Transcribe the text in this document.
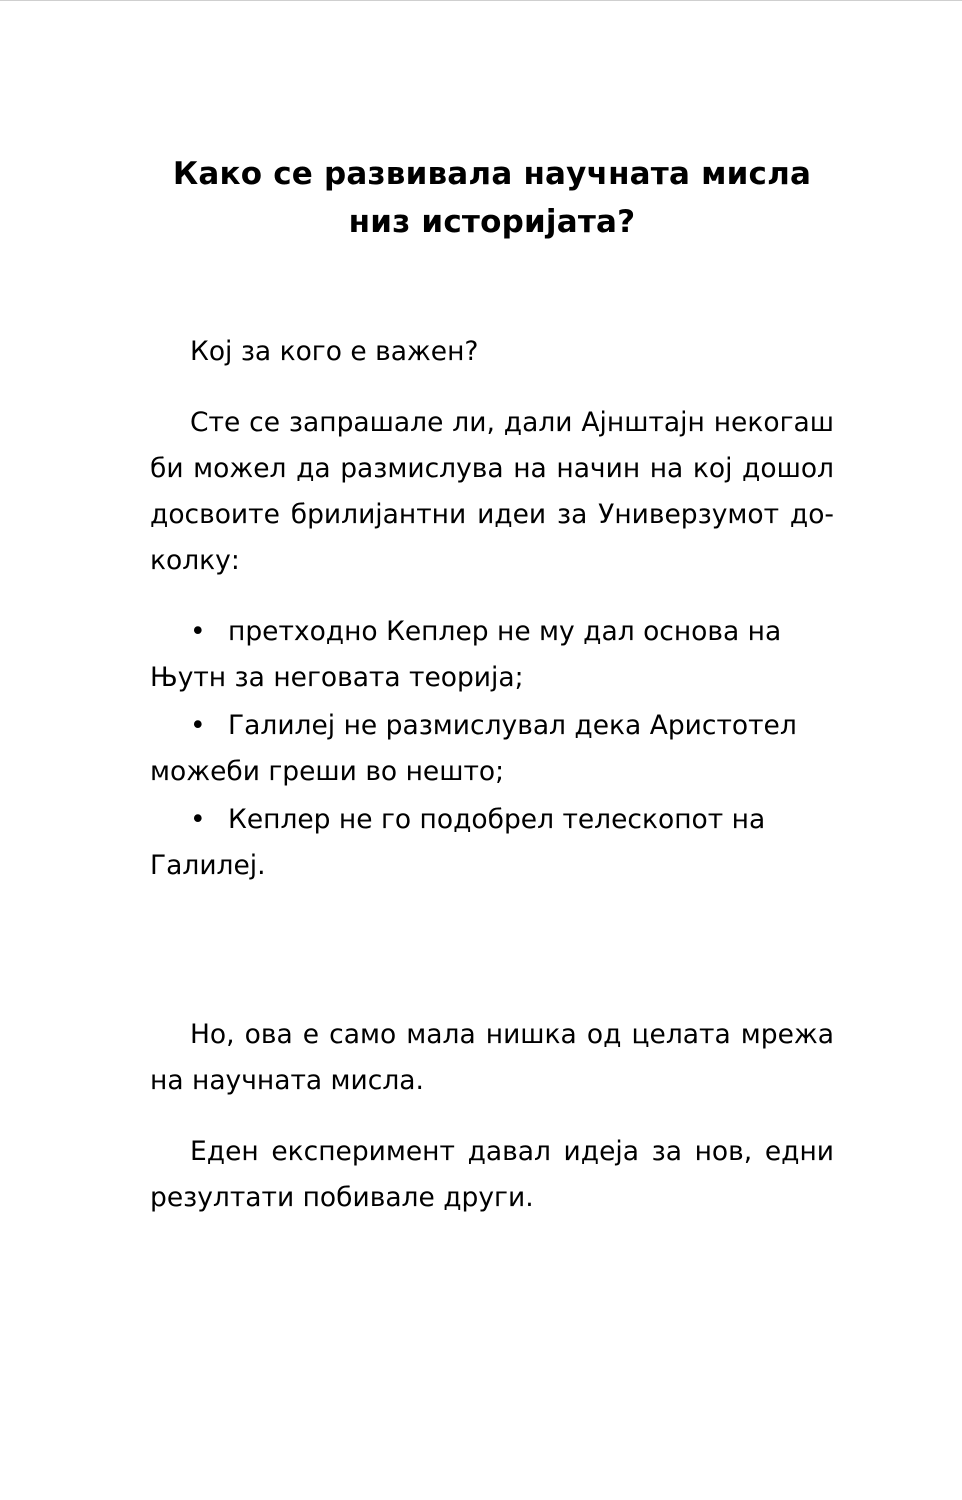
Како се развивала научната мисла
низ историјата?

Кој за кого е важен?

Сте се запрашале ли, дали Ајнштајн некогаш би можел да размислува на начин на кој дошол досвоите брилијантни идеи за Универзумот до-колку:

• претходно Кеплер не му дал основа на Њутн за неговата теорија;

• Галилеј не размислувал дека Аристотел можеби греши во нешто;

• Кеплер не го подобрел телескопот на Галилеј.

Но, ова е само мала нишка од целата мрежа на научната мисла.

Еден експеримент давал идеја за нов, едни резултати побивале други.
